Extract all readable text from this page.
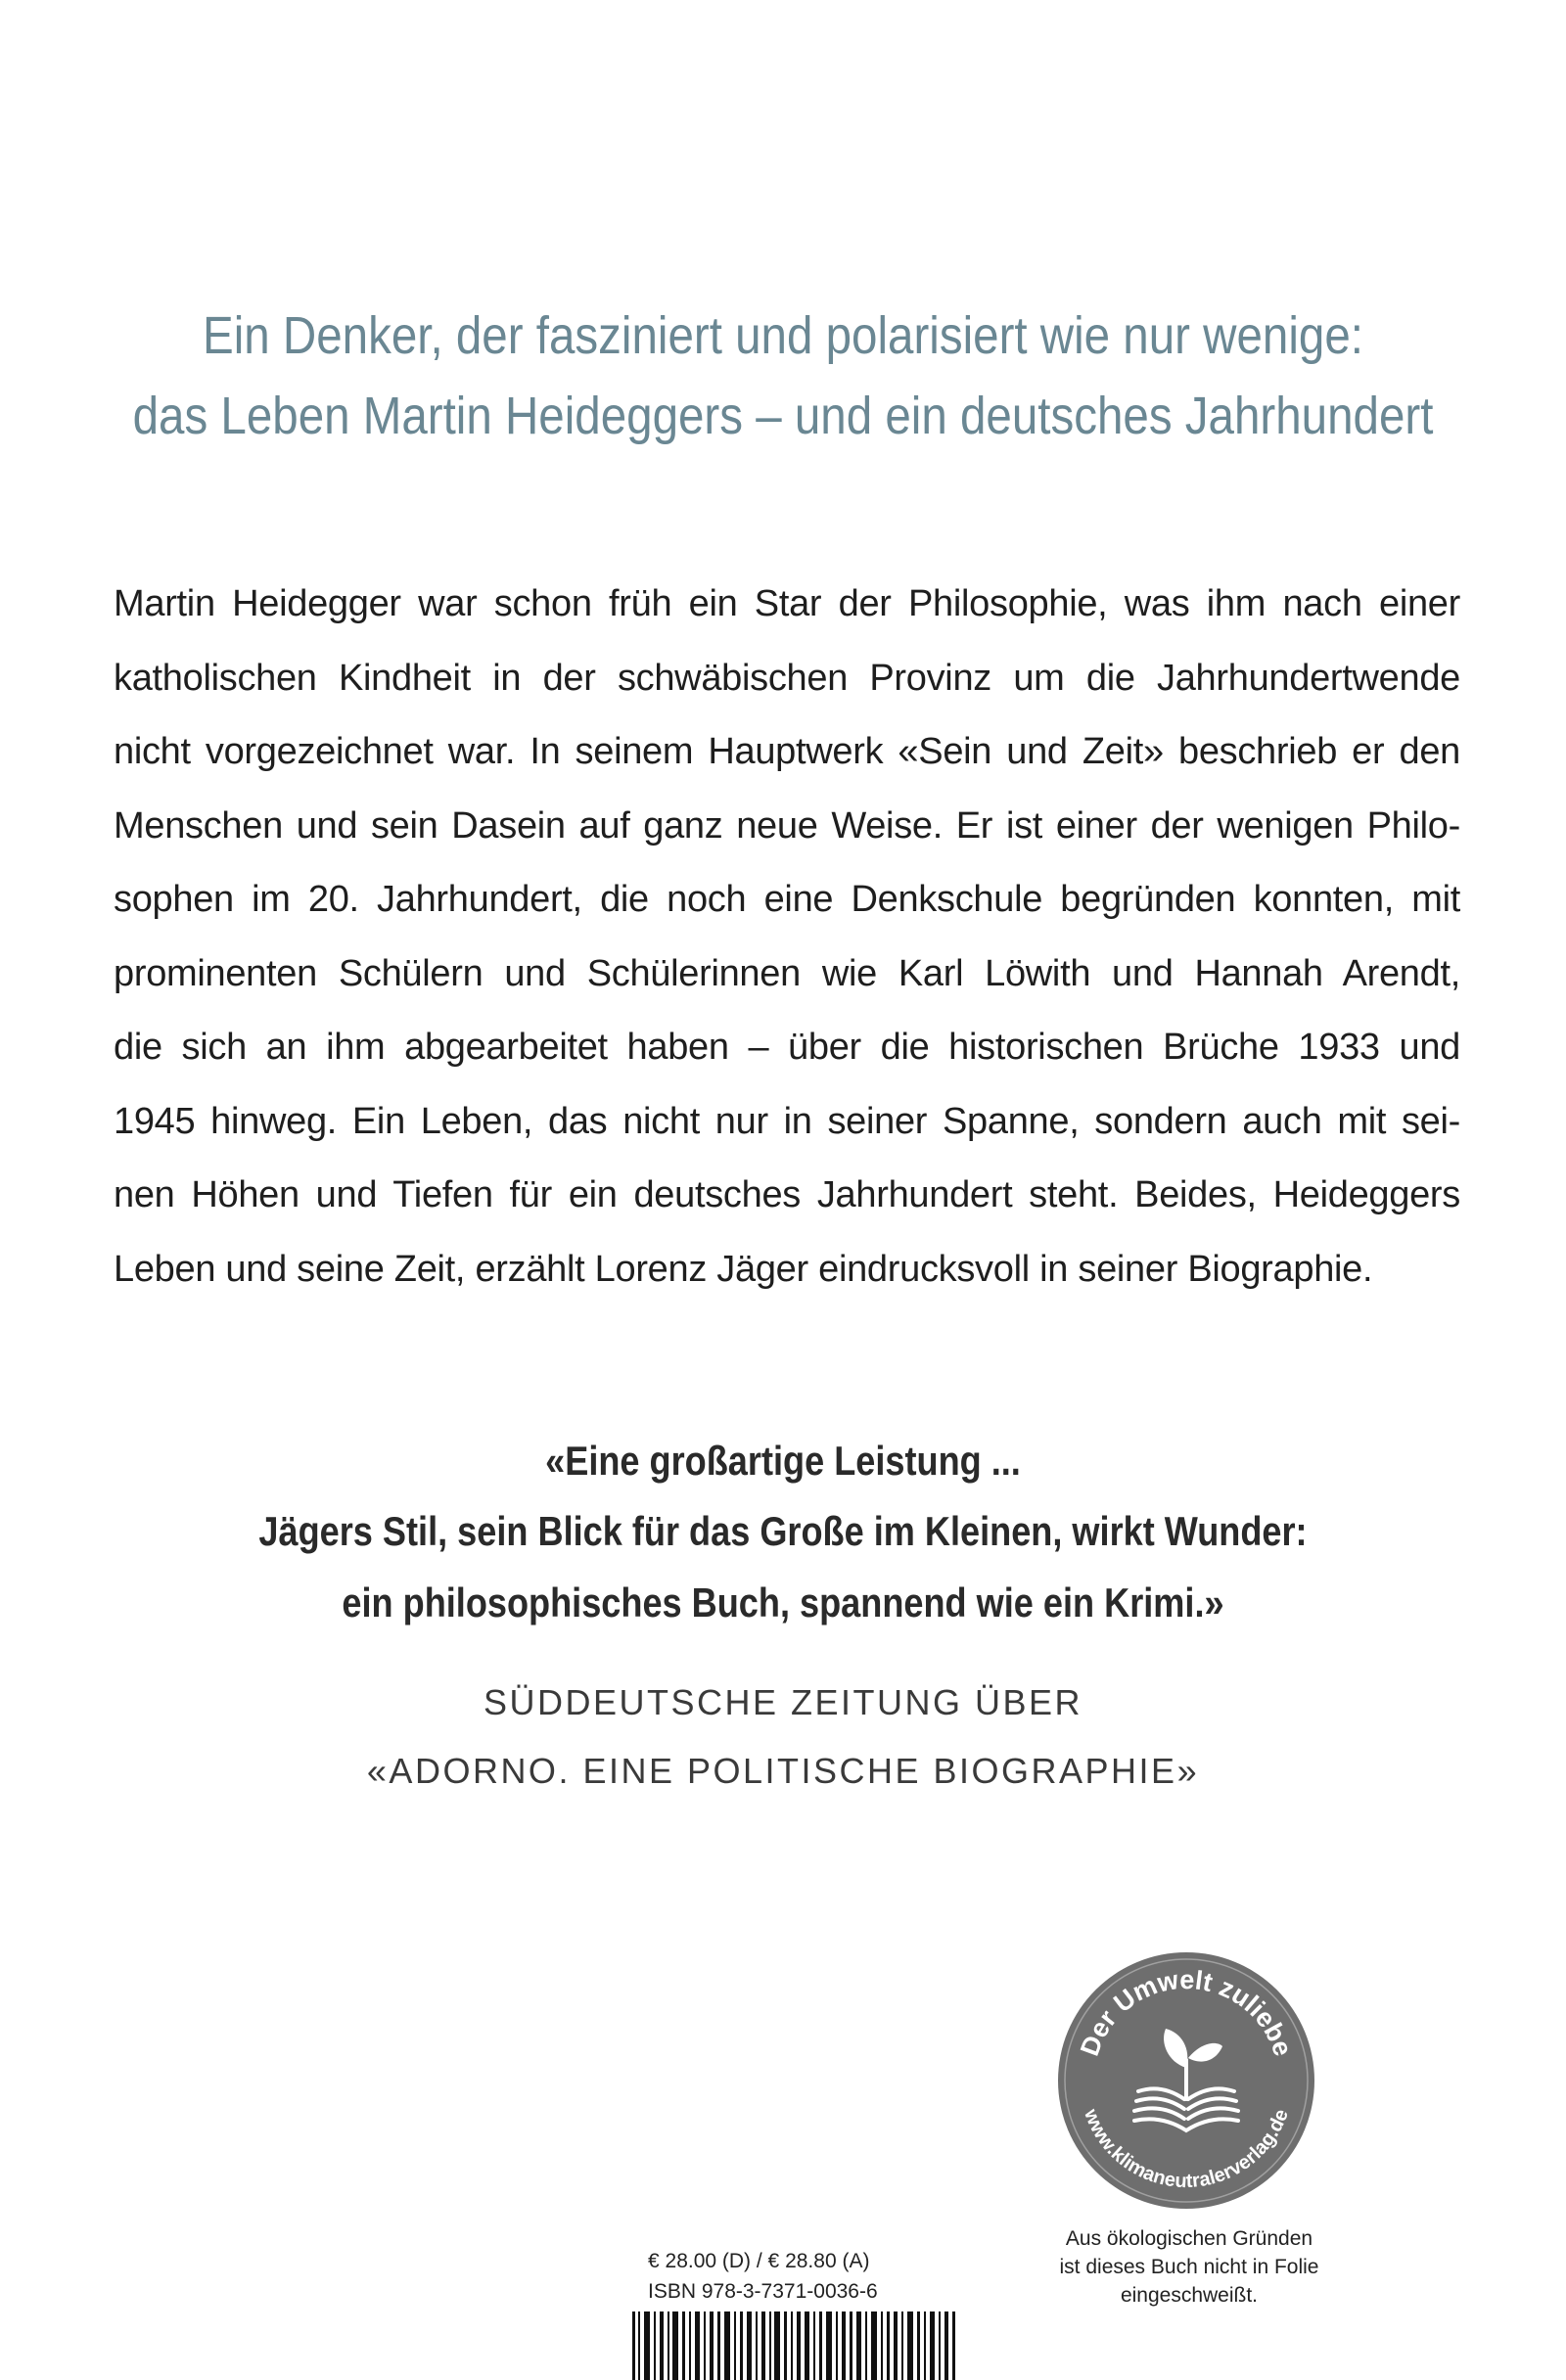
Ein Denker, der fasziniert und polarisiert wie nur wenige:
das Leben Martin Heideggers – und ein deutsches Jahrhundert
Martin Heidegger war schon früh ein Star der Philosophie, was ihm nach einer
katholischen Kindheit in der schwäbischen Provinz um die Jahrhundertwende
nicht vorgezeichnet war. In seinem Hauptwerk «Sein und Zeit» beschrieb er den
Menschen und sein Dasein auf ganz neue Weise. Er ist einer der wenigen Philo-
sophen im 20. Jahrhundert, die noch eine Denkschule begründen konnten, mit
prominenten Schülern und Schülerinnen wie Karl Löwith und Hannah Arendt,
die sich an ihm abgearbeitet haben – über die historischen Brüche 1933 und
1945 hinweg. Ein Leben, das nicht nur in seiner Spanne, sondern auch mit sei-
nen Höhen und Tiefen für ein deutsches Jahrhundert steht. Beides, Heideggers
Leben und seine Zeit, erzählt Lorenz Jäger eindrucksvoll in seiner Biographie.
«Eine großartige Leistung ...
Jägers Stil, sein Blick für das Große im Kleinen, wirkt Wunder:
ein philosophisches Buch, spannend wie ein Krimi.»
SÜDDEUTSCHE ZEITUNG ÜBER
«ADORNO. EINE POLITISCHE BIOGRAPHIE»
Der Umwelt zuliebe
www.klimaneutralerverlag.de
Aus ökologischen Gründen
ist dieses Buch nicht in Folie
eingeschweißt.
€ 28.00 (D) / € 28.80 (A)
ISBN 978-3-7371-0036-6
